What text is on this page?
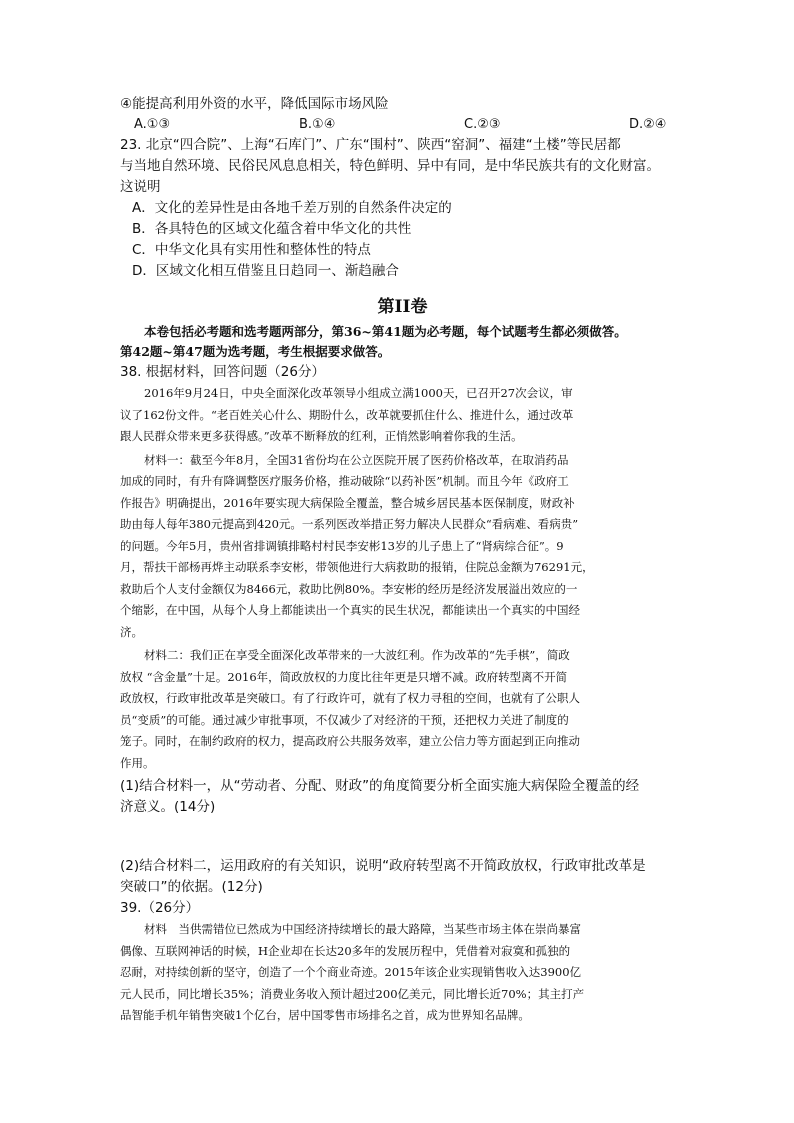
④能提高利用外资的水平，降低国际市场风险

A.①③	B.①④	C.②③	D.②④

23. 北京“四合院”、上海“石库门”、广东“围村”、陕西“窑洞”、福建“土楼”等民居都

与当地自然环境、民俗民风息息相关，特色鲜明、异中有同，是中华民族共有的文化财富。

这说明

A．文化的差异性是由各地千差万别的自然条件决定的

B．各具特色的区域文化蕴含着中华文化的共性

C．中华文化具有实用性和整体性的特点

D．区域文化相互借鉴且日趋同一、渐趋融合

第II卷

本卷包括必考题和选考题两部分，第36~第41题为必考题，每个试题考生都必须做答。

第42题~第47题为选考题，考生根据要求做答。

38. 根据材料，回答问题（26分）

2016年9月24日，中央全面深化改革领导小组成立满1000天，已召开27次会议，审

议了162份文件。“老百姓关心什么、期盼什么，改革就要抓住什么、推进什么，通过改革

跟人民群众带来更多获得感。”改革不断释放的红利，正悄然影响着你我的生活。

材料一：截至今年8月，全国31省份均在公立医院开展了医药价格改革，在取消药品

加成的同时，有升有降调整医疗服务价格，推动破除“以药补医”机制。而且今年《政府工

作报告》明确提出，2016年要实现大病保险全覆盖，整合城乡居民基本医保制度，财政补

助由每人每年380元提高到420元。一系列医改举措正努力解决人民群众“看病难、看病贵”

的问题。今年5月，贵州省排调镇排略村村民李安彬13岁的儿子患上了“肾病综合征”。9

月，帮扶干部杨再烨主动联系李安彬，带领他进行大病救助的报销，住院总金额为76291元，

救助后个人支付金额仅为8466元，救助比例80%。李安彬的经历是经济发展溢出效应的一

个缩影，在中国，从每个人身上都能读出一个真实的民生状况，都能读出一个真实的中国经

济。

材料二：我们正在享受全面深化改革带来的一大波红利。作为改革的“先手棋”，简政

放权 “含金量”十足。2016年，简政放权的力度比往年更是只增不减。政府转型离不开简

政放权，行政审批改革是突破口。有了行政许可，就有了权力寻租的空间，也就有了公职人

员“变质”的可能。通过减少审批事项，不仅减少了对经济的干预，还把权力关进了制度的

笼子。同时，在制约政府的权力，提高政府公共服务效率，建立公信力等方面起到正向推动

作用。

(1)结合材料一，从“劳动者、分配、财政”的角度简要分析全面实施大病保险全覆盖的经

济意义。(14分)

(2)结合材料二，运用政府的有关知识，说明“政府转型离不开简政放权，行政审批改革是

突破口”的依据。(12分)

39.（26分）

材料　当供需错位已然成为中国经济持续增长的最大路障，当某些市场主体在崇尚暴富

偶像、互联网神话的时候，H企业却在长达20多年的发展历程中，凭借着对寂寞和孤独的

忍耐，对持续创新的坚守，创造了一个个商业奇迹。2015年该企业实现销售收入达3900亿

元人民币，同比增长35%；消费业务收入预计超过200亿美元，同比增长近70%；其主打产

品智能手机年销售突破1个亿台，居中国零售市场排名之首，成为世界知名品牌。
